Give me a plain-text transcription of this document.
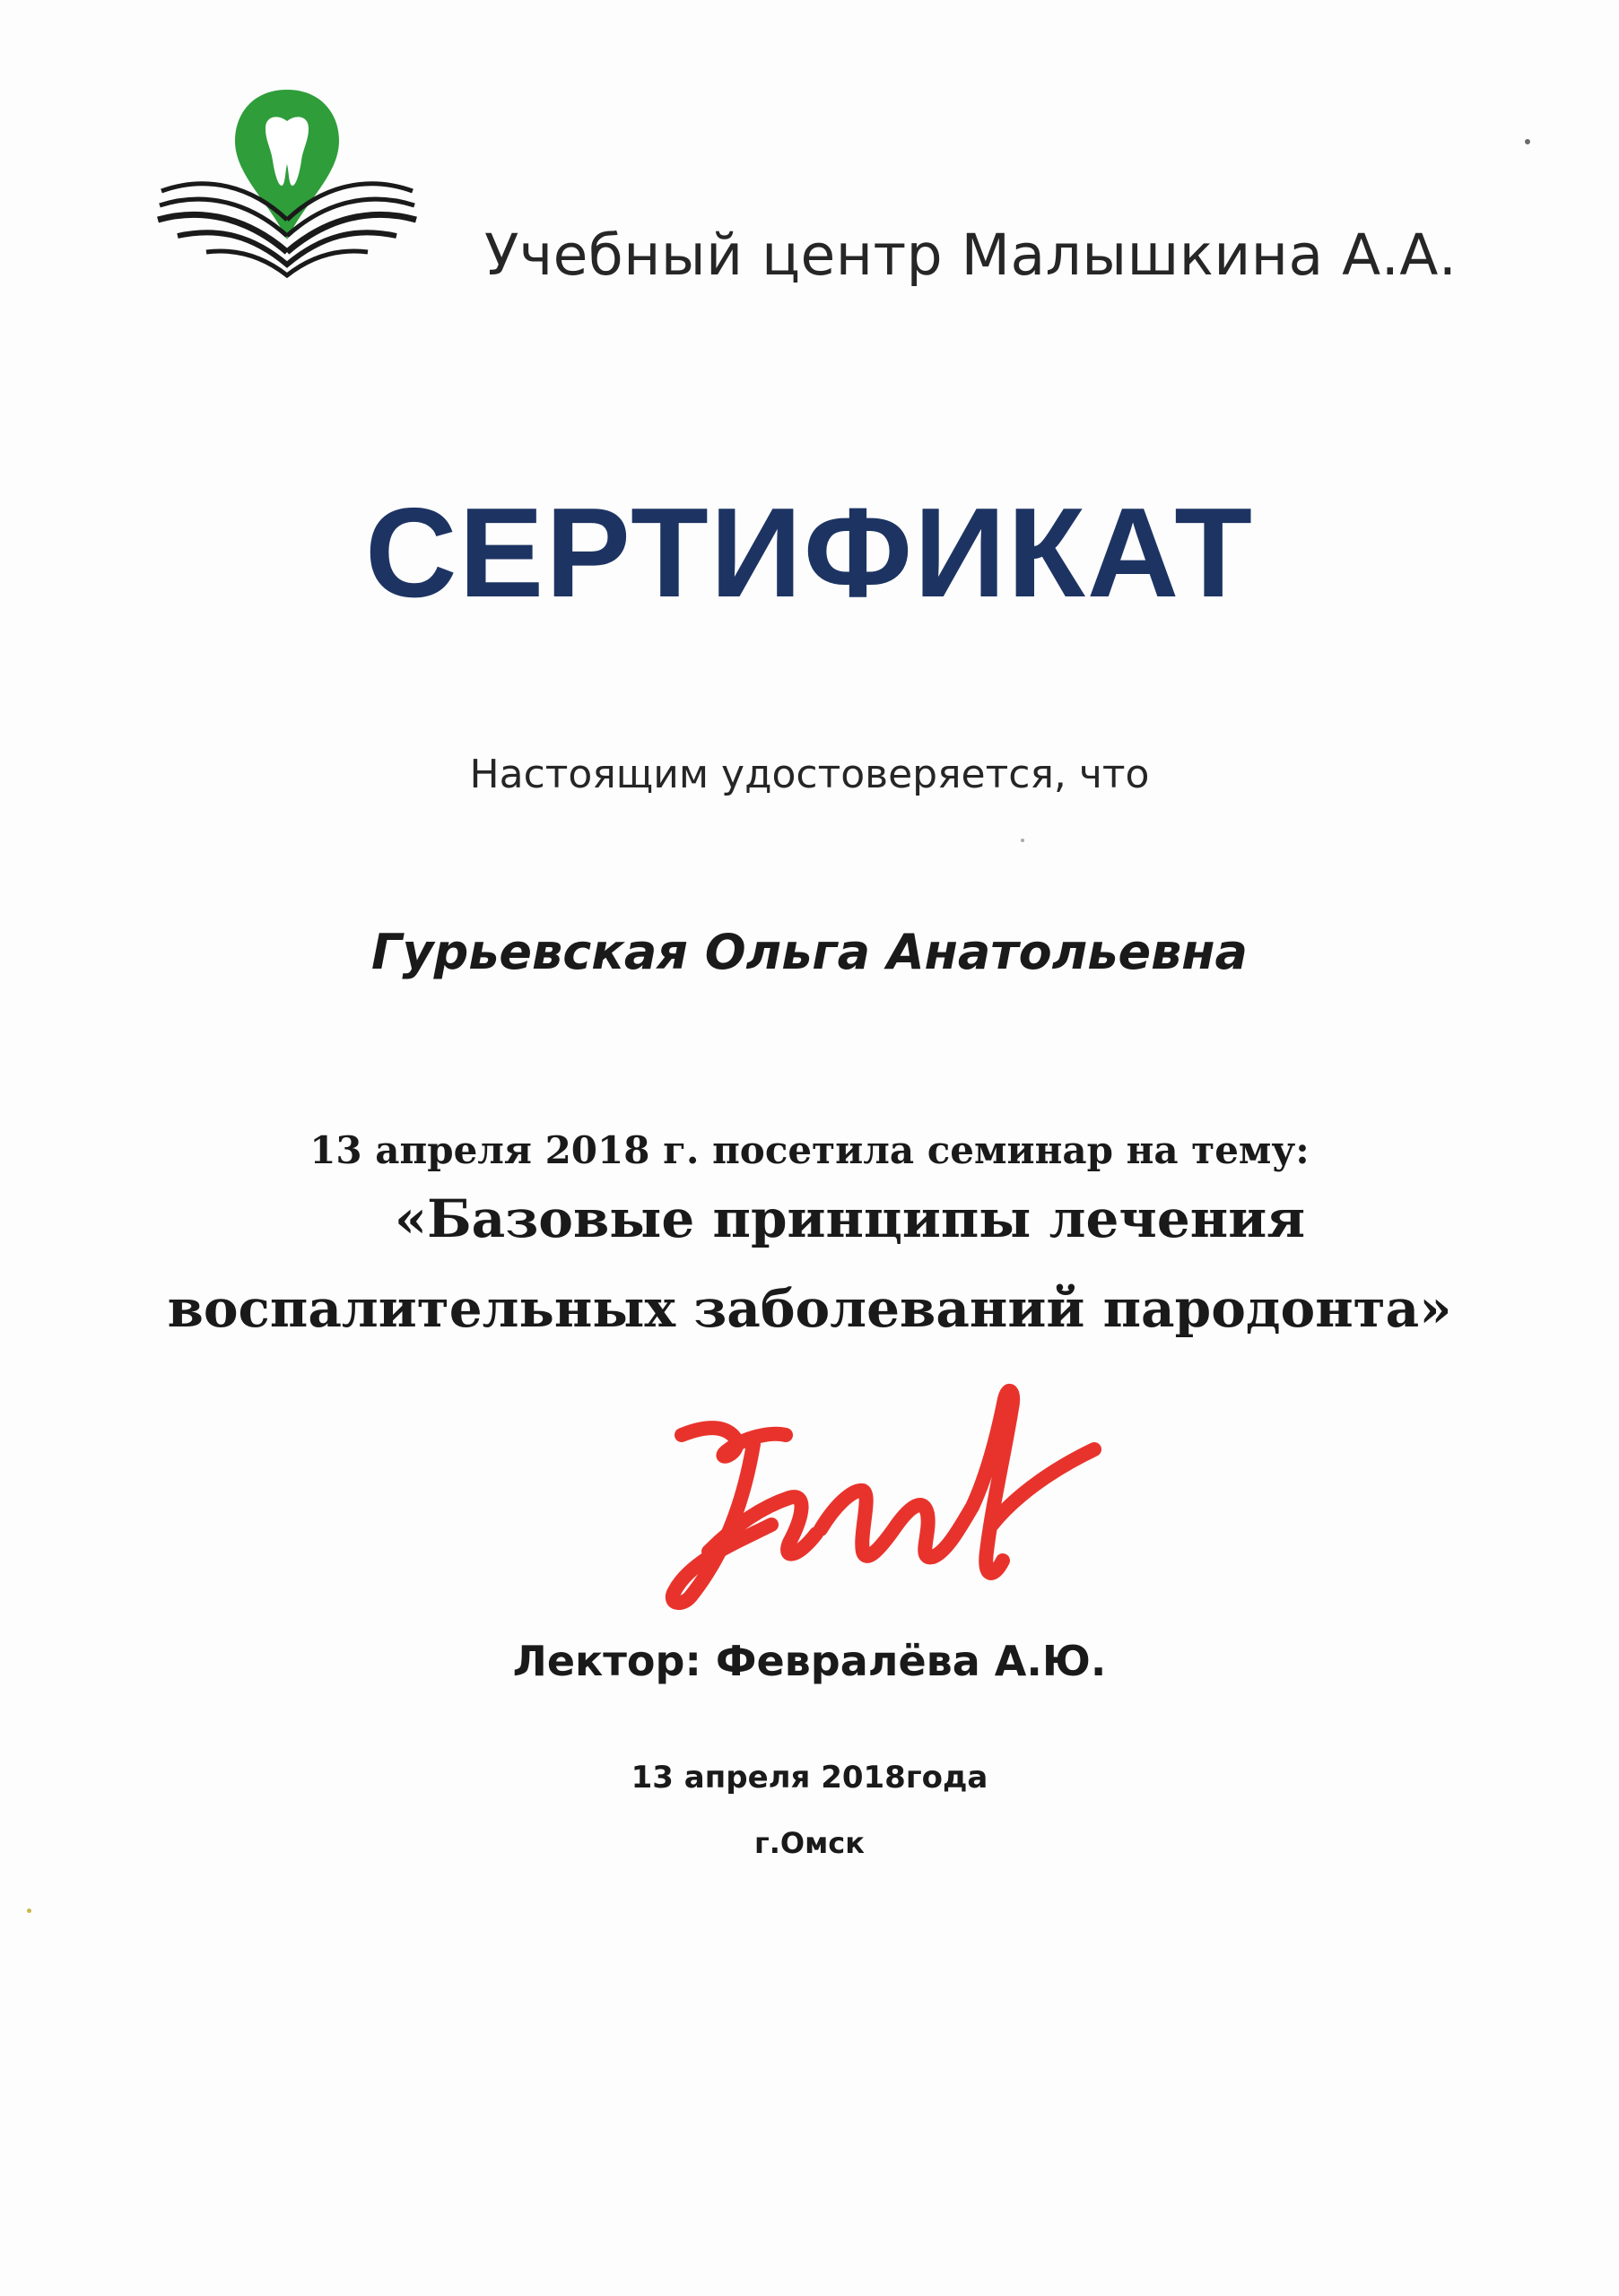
Учебный центр Малышкина А.А.
СЕРТИФИКАТ
Настоящим удостоверяется, что
Гурьевская Ольга Анатольевна
13 апреля 2018 г. посетила семинар на тему:
«Базовые принципы лечения
воспалительных заболеваний пародонта»
Лектор: Февралёва А.Ю.
13 апреля 2018года
г.Омск
